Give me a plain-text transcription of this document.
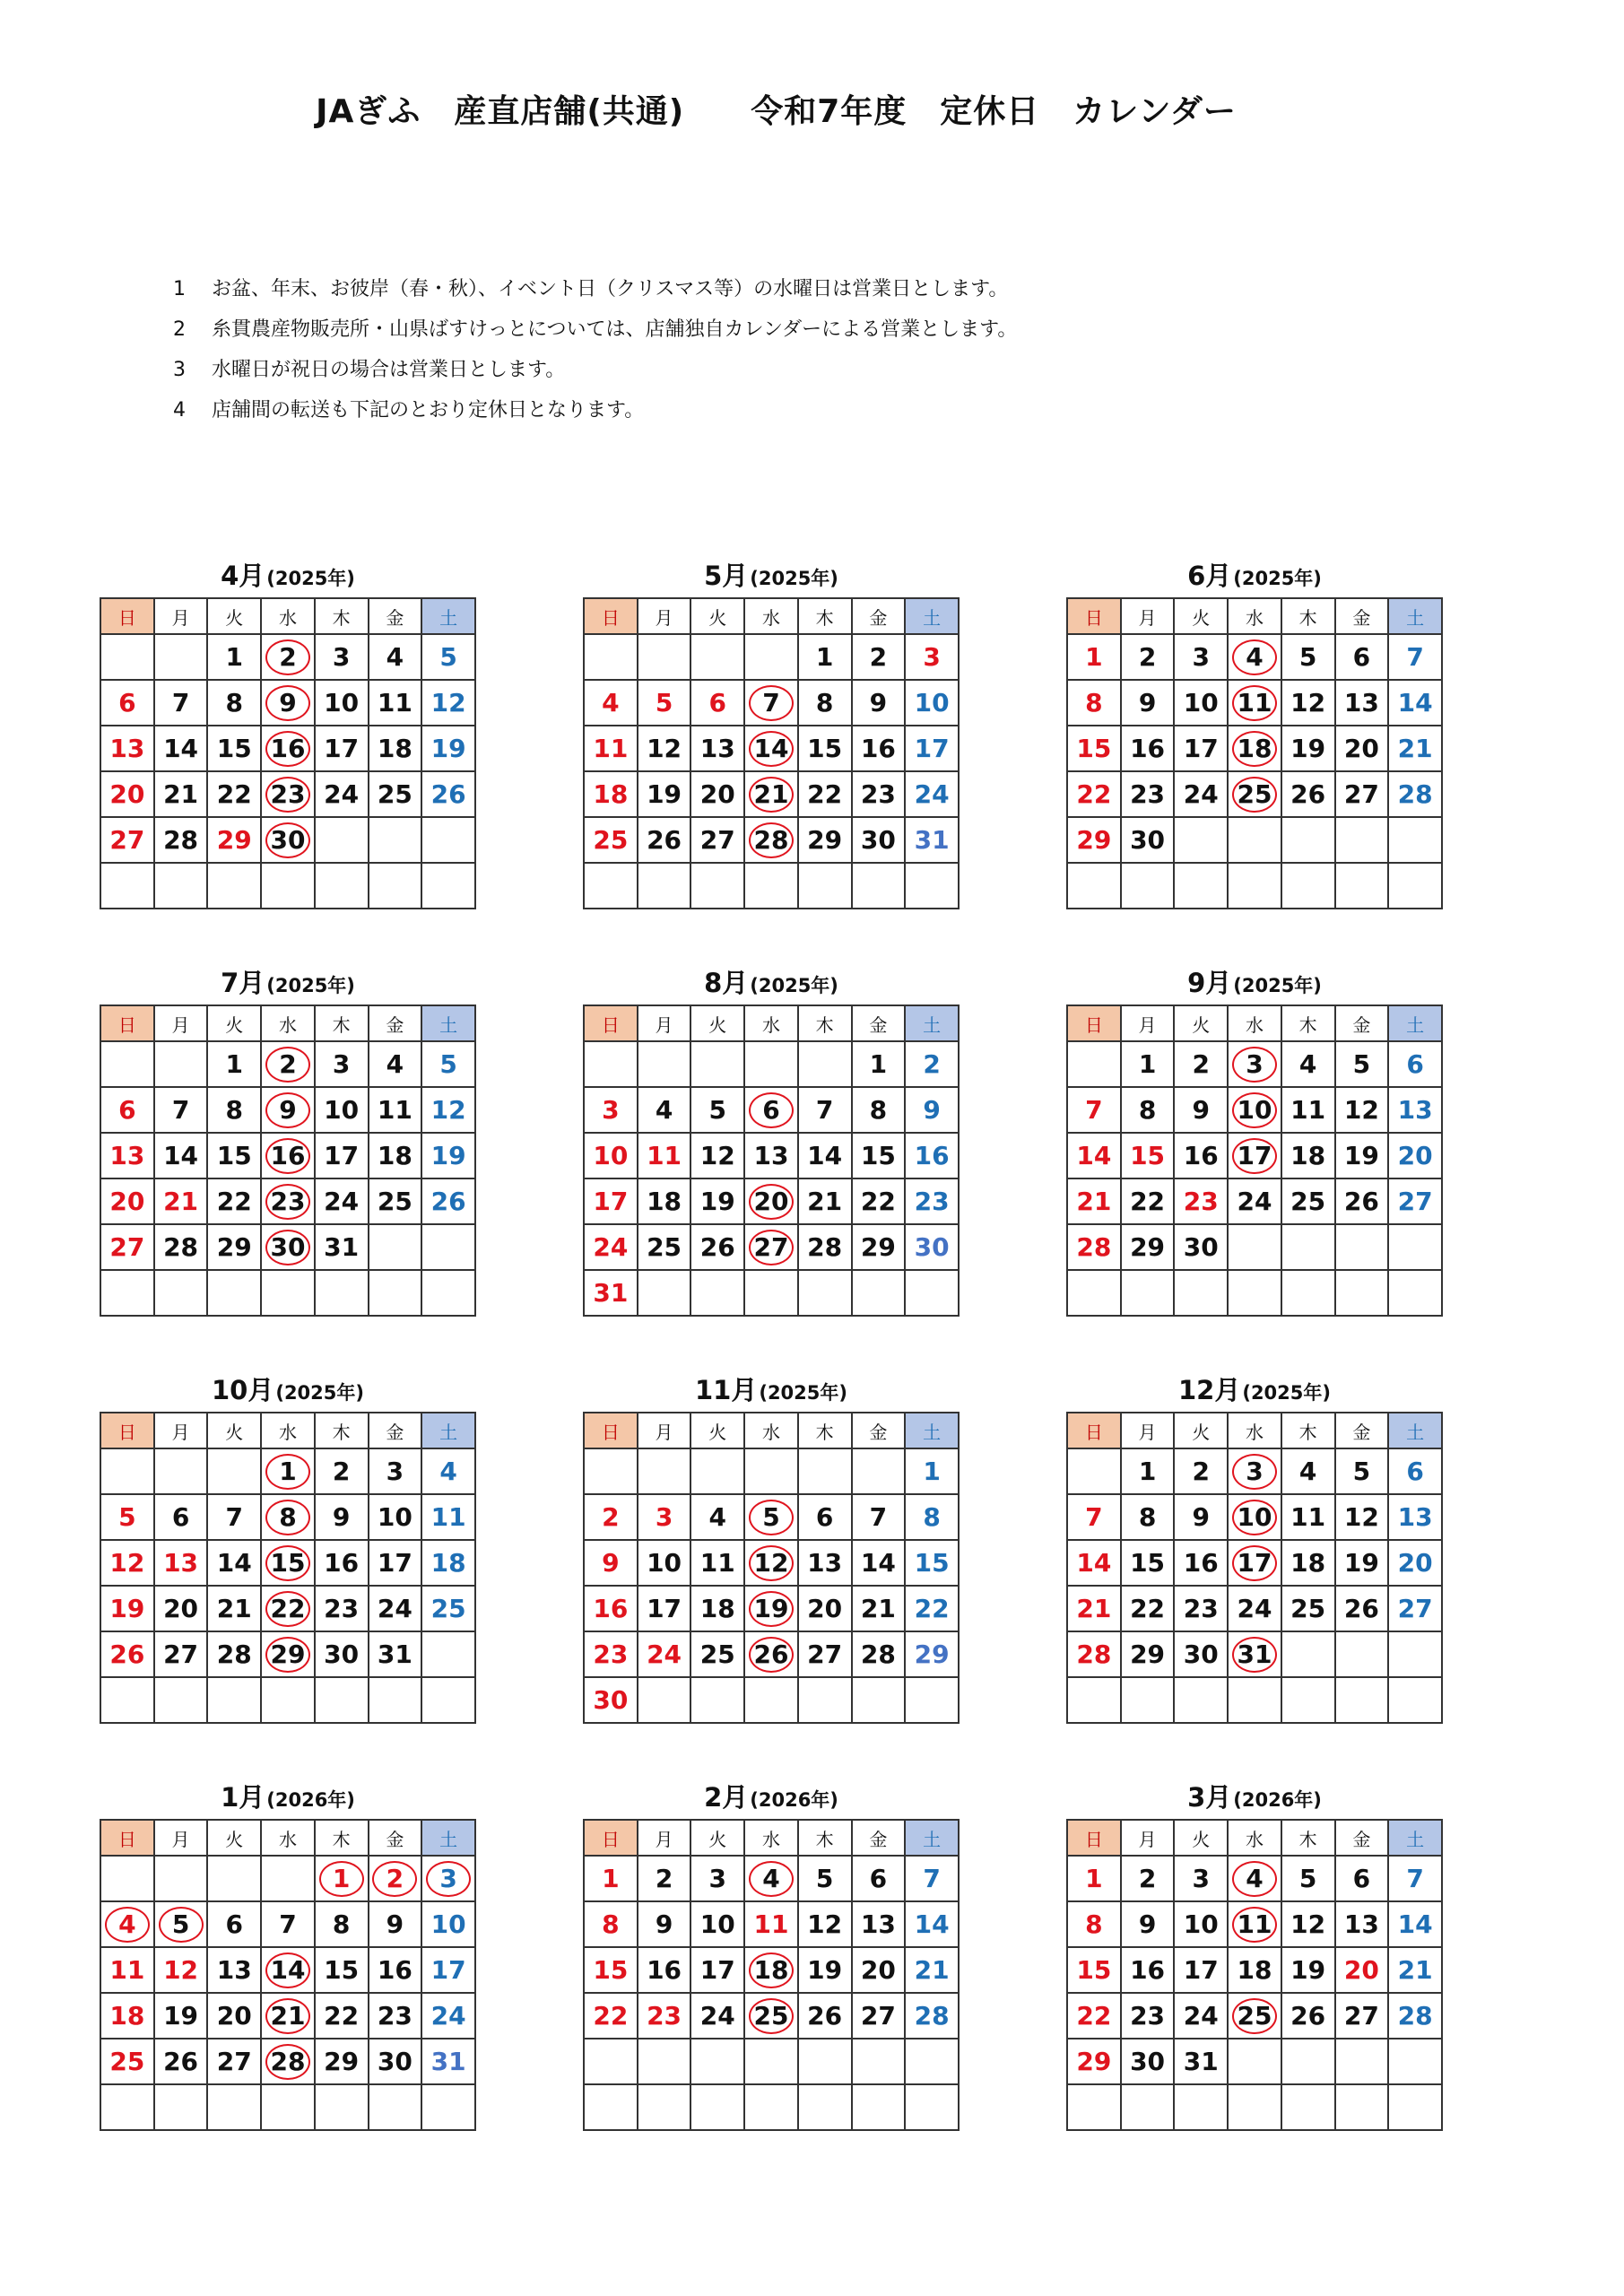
JAぎふ　産直店舗(共通)　　令和7年度　定休日　カレンダー
1 お盆、年末、お彼岸（春・秋）、イベント日（クリスマス等）の水曜日は営業日とします。
2 糸貫農産物販売所・山県ばすけっとについては、店舗独自カレンダーによる営業とします。
3 水曜日が祝日の場合は営業日とします。
4 店舗間の転送も下記のとおり定休日となります。
4月(2025年)
日	月	火	水	木	金	土
		1	2	3	4	5
6	7	8	9	10	11	12
13	14	15	16	17	18	19
20	21	22	23	24	25	26
27	28	29	30

5月(2025年)
日	月	火	水	木	金	土
				1	2	3
4	5	6	7	8	9	10
11	12	13	14	15	16	17
18	19	20	21	22	23	24
25	26	27	28	29	30	31

6月(2025年)
日	月	火	水	木	金	土
1	2	3	4	5	6	7
8	9	10	11	12	13	14
15	16	17	18	19	20	21
22	23	24	25	26	27	28
29	30					

7月(2025年)
日	月	火	水	木	金	土
		1	2	3	4	5
6	7	8	9	10	11	12
13	14	15	16	17	18	19
20	21	22	23	24	25	26
27	28	29	30	31		

8月(2025年)
日	月	火	水	木	金	土
					1	2
3	4	5	6	7	8	9
10	11	12	13	14	15	16
17	18	19	20	21	22	23
24	25	26	27	28	29	30
31						
9月(2025年)
日	月	火	水	木	金	土
	1	2	3	4	5	6
7	8	9	10	11	12	13
14	15	16	17	18	19	20
21	22	23	24	25	26	27
28	29	30				

10月(2025年)
日	月	火	水	木	金	土
			1	2	3	4
5	6	7	8	9	10	11
12	13	14	15	16	17	18
19	20	21	22	23	24	25
26	27	28	29	30	31	

11月(2025年)
日	月	火	水	木	金	土
						1
2	3	4	5	6	7	8
9	10	11	12	13	14	15
16	17	18	19	20	21	22
23	24	25	26	27	28	29
30						
12月(2025年)
日	月	火	水	木	金	土
	1	2	3	4	5	6
7	8	9	10	11	12	13
14	15	16	17	18	19	20
21	22	23	24	25	26	27
28	29	30	31

1月(2026年)
日	月	火	水	木	金	土
				1	2	3

4	5	6	7	8	9	10
11	12	13	14	15	16	17
18	19	20	21	22	23	24
25	26	27	28	29	30	31

2月(2026年)
日	月	火	水	木	金	土
1	2	3	4	5	6	7
8	9	10	11	12	13	14
15	16	17	18	19	20	21
22	23	24	25	26	27	28

3月(2026年)
日	月	火	水	木	金	土
1	2	3	4	5	6	7
8	9	10	11	12	13	14
15	16	17	18	19	20	21
22	23	24	25	26	27	28
29	30	31				
